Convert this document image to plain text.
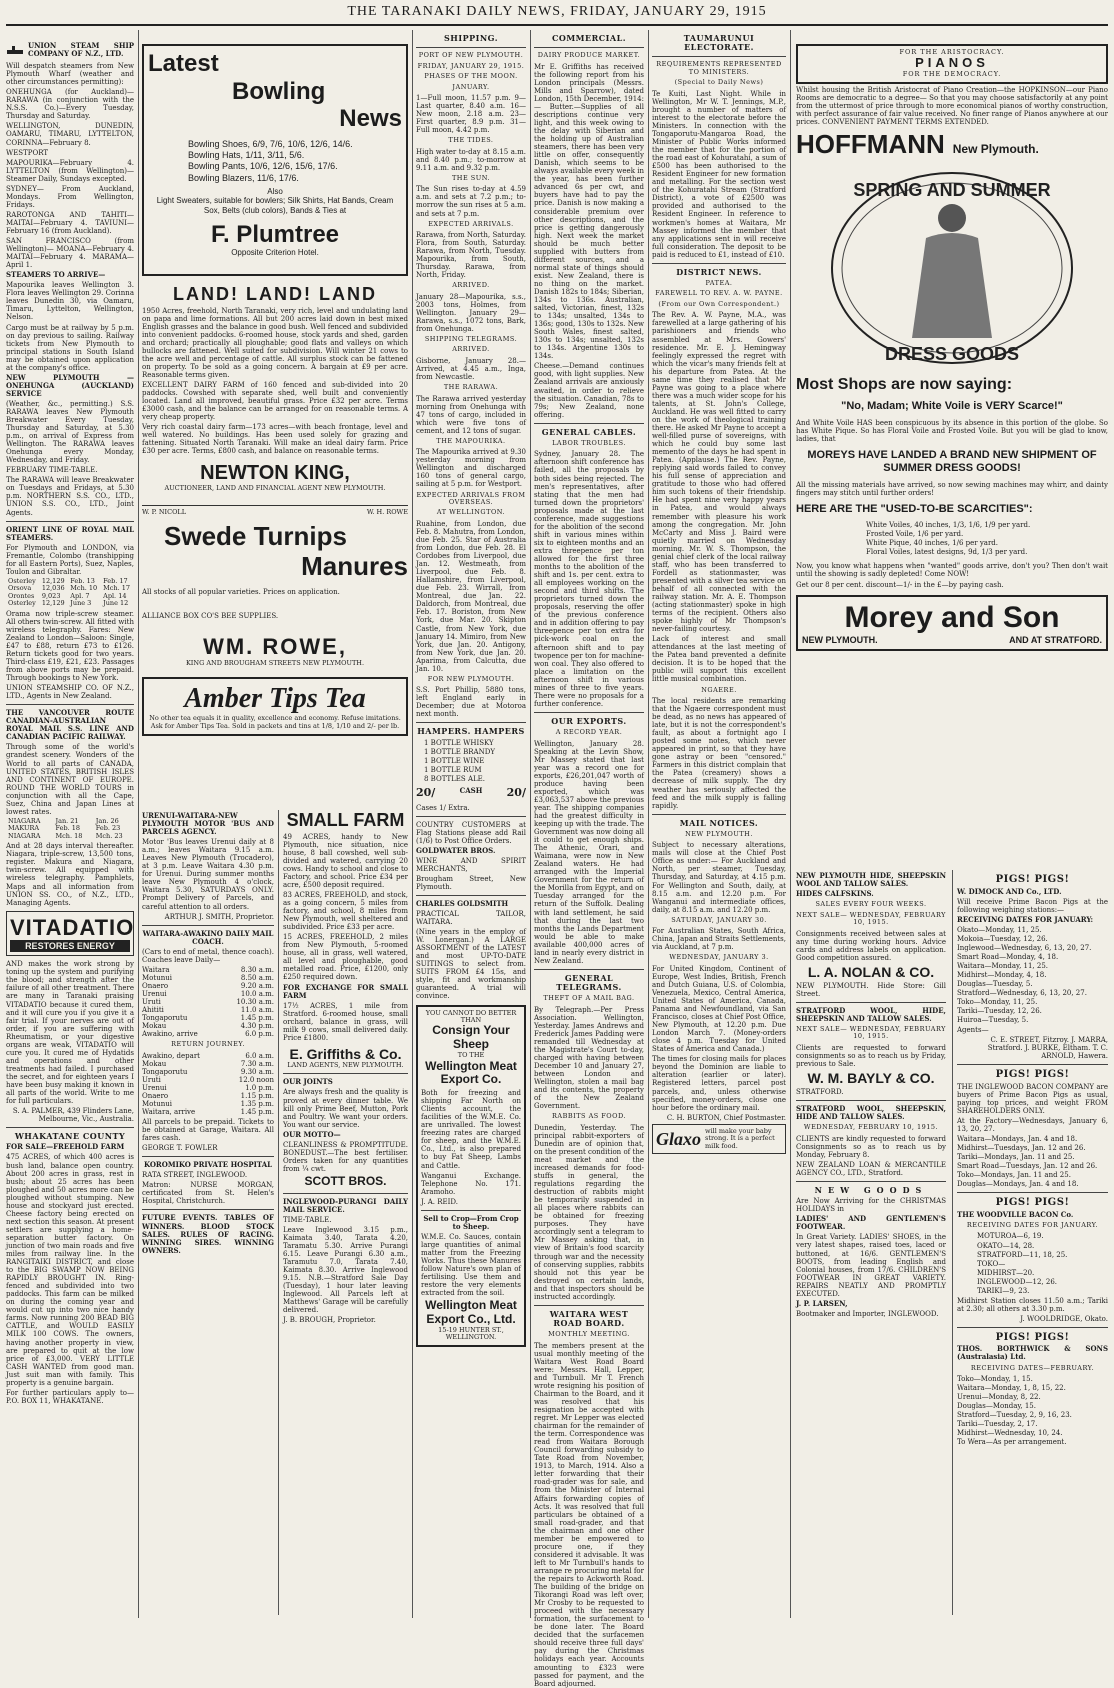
THE TARANAKI DAILY NEWS, FRIDAY, JANUARY 29, 1915
UNION STEAM SHIP COMPANY OF N.Z., LTD.
Will despatch steamers from New Plymouth Wharf (weather and other circumstances permitting):
ONEHUNGA (for Auckland)— RARAWA (in conjunction with the N.S.S. Co.)—Every Tuesday, Thursday and Saturday.
WELLINGTON, DUNEDIN, OAMARU, TIMARU, LYTTELTON, CORINNA—February 8.
WESTPORT
MAPOURIKA—February 4. LYTTELTON (from Wellington)—Steamer Daily, Sundays excepted.
SYDNEY— From Auckland, Mondays. From Wellington, Fridays.
RAROTONGA AND TAHITI— MAITAI—February 4. TAVIUNI—February 16 (from Auckland).
SAN FRANCISCO (from Wellington)— MOANA—February 4. MAITAI—February 4. MARAMA—April 1.
STEAMERS TO ARRIVE—
Mapourika leaves Wellington 3. Flora leaves Wellington 29. Corinna leaves Dunedin 30, via Oamaru, Timaru, Lyttelton, Wellington, Nelson.
Cargo must be at railway by 5 p.m. on day previous to sailing. Railway tickets from New Plymouth to principal stations in South Island may be obtained upon application at the company's office.
NEW PLYMOUTH — ONEHUNGA (AUCKLAND) SERVICE
(Weather, &c., permitting.) S.S. RARAWA leaves New Plymouth Breakwater Every Tuesday, Thursday and Saturday, at 5.30 p.m., on arrival of Express from Wellington. The RARAWA leaves Onehunga every Monday, Wednesday, and Friday.
FEBRUARY TIME-TABLE.
The RARAWA will leave Breakwater on Tuesdays and Fridays, at 5.30 p.m. NORTHERN S.S. CO., LTD., UNION S.S. CO., LTD., Joint Agents.
ORIENT LINE OF ROYAL MAIL STEAMERS.
For Plymouth and LONDON, via Fremantle, Colombo (transhipping for all Eastern Ports), Suez, Naples, Toulon and Gibraltar.
Osterley	12,129	Feb. 13	Feb. 17
Orsova	12,036	Mch. 10	Mch. 17
Orontes	9,023	Apl. 7	Apl. 14
Osterley	12,129	June 3	June 12
Orama now triple-screw steamer. All others twin-screw. All fitted with wireless telegraphy. Fares: New Zealand to London—Saloon: Single, £47 to £88, return £73 to £126. Return tickets good for two years. Third-class £19, £21, £23. Passages from above ports may be prepaid. Through bookings to New York.
UNION STEAMSHIP CO. OF N.Z., LTD., Agents in New Zealand.
THE VANCOUVER ROUTE CANADIAN-AUSTRALIAN ROYAL MAIL S.S. LINE AND CANADIAN PACIFIC RAILWAY.
Through some of the world's grandest scenery. Wonders of the World to all parts of CANADA, UNITED STATES, BRITISH ISLES AND CONTINENT OF EUROPE. ROUND THE WORLD TOURS in conjunction with all the Cape, Suez, China and Japan Lines at lowest rates.
NIAGARA	Jan. 21	Jan. 26
MAKURA	Feb. 18	Feb. 23
NIAGARA	Mch. 18	Mch. 23
And at 28 days interval thereafter. Niagara, triple-screw, 13,500 tons, register. Makura and Niagara, twin-screw. All equipped with wireless telegraphy. Pamphlets, Maps and all information from UNION SS. CO., of N.Z., LTD., Managing Agents.
VITADATIO
RESTORES ENERGY
AND makes the work strong by toning up the system and purifying the blood; and strength after the failure of all other treatment. There are many in Taranaki praising VITADATIO because it cured them, and it will cure you if you give it a fair trial. If your nerves are out of order, if you are suffering with Rheumatism, or your digestive organs are weak, VITADATIO will cure you. It cured me of Hydatids and operations and other treatments had failed. I purchased the secret, and for eighteen years I have been busy making it known in all parts of the world. Write to me for full particulars.
S. A. PALMER, 439 Flinders Lane, Melbourne, Vic., Australia.
WHAKATANE COUNTY
FOR SALE—FREEHOLD FARM
475 ACRES, of which 400 acres is bush land, balance open country. About 200 acres in grass, rest in bush; about 25 acres has been ploughed and 50 acres more can be ploughed without stumping. New house and stockyard just erected. Cheese factory being erected on next section this season. At present settlers are supplying a home-separation butter factory. On junction of two main roads and five miles from railway line. In the RANGITAIKI DISTRICT, and close to the BIG SWAMP NOW BEING RAPIDLY BROUGHT IN. Ring-fenced and subdivided into two paddocks. This farm can be milked on during the coming year and would cut up into two nice handy farms. Now running 200 BEAD BIG CATTLE, and WOULD EASILY MILK 100 COWS. The owners, having another property in view, are prepared to quit at the low price of £3,000. VERY LITTLE CASH WANTED from good man. Just suit man with family. This property is a genuine bargain.
For further particulars apply to— P.O. BOX 11, WHAKATANE.
Latest
Bowling
News
Bowling Shoes, 6/9, 7/6, 10/6, 12/6, 14/6.
Bowling Hats, 1/11, 3/11, 5/6.
Bowling Pants, 10/6, 12/6, 15/6, 17/6.
Bowling Blazers, 11/6, 17/6.
Also
Light Sweaters, suitable for bowlers; Silk Shirts, Hat Bands, Cream Sox, Belts (club colors), Bands & Ties at
F. Plumtree
Opposite Criterion Hotel.
LAND! LAND! LAND
1950 Acres, freehold, North Taranaki, very rich, level and undulating land on papa and lime formations. All but 200 acres laid down in best mixed English grasses and the balance in good bush. Well fenced and subdivided into convenient paddocks. 6-roomed house, stock yards and shed, garden and orchard; practically all ploughable; good flats and valleys on which bullocks are fattened. Well suited for subdivision. Will winter 21 cows to the acre well and percentage of cattle. All surplus stock can be fattened on property. To be sold as a going concern. A bargain at £9 per acre. Reasonable terms given.
EXCELLENT DAIRY FARM of 160 fenced and sub-divided into 20 paddocks. Cowshed with separate shed, well built and conveniently located. Land all improved, beautiful grass. Price £32 per acre. Terms £3000 cash, and the balance can be arranged for on reasonable terms. A very cheap property.
Very rich coastal dairy farm—173 acres—with beach frontage, level and well watered. No buildings. Has been used solely for grazing and fattening. Situated North Taranaki. Will make an ideal dairy farm. Price £30 per acre. Terms, £800 cash, and balance on reasonable terms.
NEWTON KING,
AUCTIONEER, LAND AND FINANCIAL AGENT NEW PLYMOUTH.
W. P. NICOLL	W. H. ROWE
Swede Turnips
Manures
All stocks of all popular varieties. Prices on application.
ALLIANCE BOX CO'S BEE SUPPLIES.
WM. ROWE,
KING AND BROUGHAM STREETS NEW PLYMOUTH.
Amber Tips Tea
No other tea equals it in quality, excellence and economy. Refuse imitations. Ask for Amber Tips Tea. Sold in packets and tins at 1/8, 1/10 and 2/- per lb.
URENUI-WAITARA-NEW PLYMOUTH MOTOR 'BUS AND PARCELS AGENCY.
Motor 'Bus leaves Urenui daily at 8 a.m.; leaves Waitara 9.15 a.m. Leaves New Plymouth (Trocadero), at 3 p.m. Leave Waitara 4.30 p.m. for Urenui. During summer months leave New Plymouth 4 o'clock, Waitara 5.30, SATURDAYS ONLY. Prompt Delivery of Parcels, and careful attention to all orders.
ARTHUR J. SMITH, Proprietor.
WAITARA-AWAKINO DAILY MAIL COACH.
(Cars to end of metal, thence coach). Coaches leave Daily—
Waitara	8.30 a.m.
Motunui	8.50 a.m.
Onaero	9.20 a.m.
Urenui	10.0 a.m.
Uruti	10.30 a.m.
Ahititi	11.0 a.m.
Tongaporutu	1.45 p.m.
Mokau	4.30 p.m.
Awakino, arrive	6.0 p.m.
RETURN JOURNEY.
Awakino, depart	6.0 a.m.
Mokau	7.30 a.m.
Tongaporutu	9.30 a.m.
Uruti	12.0 noon
Urenui	1.0 p.m.
Onaero	1.15 p.m.
Motunui	1.35 p.m.
Waitara, arrive	1.45 p.m.
All parcels to be prepaid. Tickets to be obtained at Garage, Waitara. All fares cash.
GEORGE T. FOWLER
KOROMIKO PRIVATE HOSPITAL
RATA STREET, INGLEWOOD.
Matron: NURSE MORGAN, certificated from St. Helen's Hospital, Christchurch.
FUTURE EVENTS. TABLES OF WINNERS. BLOOD STOCK SALES. RULES OF RACING. WINNING SIRES. WINNING OWNERS.
SMALL FARM
49 ACRES, handy to New Plymouth, nice situation, nice house, 8 ball cowshed, well sub-divided and watered, carrying 20 cows. Handy to school and close to Factory, and school. Price £34 per acre, £500 deposit required.
83 ACRES, FREEHOLD, and stock, as a going concern, 5 miles from factory, and school, 8 miles from New Plymouth, well sheltered and subdivided. Price £33 per acre.
15 ACRES, FREEHOLD, 2 miles from New Plymouth, 5-roomed house, all in grass, well watered, all level and ploughable, good metalled road. Price, £1200, only £250 required down.
FOR EXCHANGE FOR SMALL FARM
17½ ACRES, 1 mile from Stratford. 6-roomed house, small orchard, balance in grass, will milk 9 cows, small delivered daily. Price £1800.
E. Griffiths & Co.
LAND AGENTS, NEW PLYMOUTH.
OUR JOINTS
Are always fresh and the quality is proved at every dinner table. We kill only Prime Beef, Mutton, Pork and Poultry. We want your orders. You want our service.
OUR MOTTO—
CLEANLINESS & PROMPTITUDE. BONEDUST.—The best fertiliser. Orders taken for any quantities from ¼ cwt.
SCOTT BROS.
INGLEWOOD-PURANGI DAILY MAIL SERVICE.
TIME-TABLE.
Leave Inglewood 3.15 p.m., Kaimata 3.40, Tarata 4.20, Taramatu 5.30. Arrive Purangi 6.15. Leave Purangi 6.30 a.m., Taramutu 7.0, Tarata 7.40, Kaimata 8.30. Arrive Inglewood 9.15. N.B.—Stratford Sale Day (Tuesday), 1 hour later leaving Inglewood. All Parcels left at Matthews' Garage will be carefully delivered.
J. B. BROUGH, Proprietor.
SHIPPING.
PORT OF NEW PLYMOUTH.
FRIDAY, JANUARY 29, 1915.
PHASES OF THE MOON.
JANUARY.
1—Full moon, 11.57 p.m. 9—Last quarter, 8.40 a.m. 16—New moon, 2.18 a.m. 23—First quarter, 8.9 p.m. 31—Full moon, 4.42 p.m.
THE TIDES.
High water to-day at 8.15 a.m. and 8.40 p.m.; to-morrow at 9.11 a.m. and 9.32 p.m.
THE SUN.
The Sun rises to-day at 4.59 a.m. and sets at 7.2 p.m.; to-morrow the sun rises at 5 a.m. and sets at 7 p.m.
EXPECTED ARRIVALS.
Rarawa, from North, Saturday. Flora, from South, Saturday. Rarawa, from North, Tuesday. Mapourika, from South, Thursday. Rarawa, from North, Friday.
ARRIVED.
January 28—Mapourika, s.s., 2003 tons, Holmes, from Wellington. January 29—Rarawa, s.s., 1072 tons, Bark, from Onehunga.
SHIPPING TELEGRAMS.
ARRIVED.
Gisborne, January 28.—Arrived, at 4.45 a.m., Inga, from Newcastle.
THE RARAWA.
The Rarawa arrived yesterday morning from Onehunga with 47 tons of cargo, included in which were five tons of cement, and 12 tons of sugar.
THE MAPOURIKA.
The Mapourika arrived at 9.30 yesterday morning from Wellington and discharged 160 tons of general cargo, sailing at 5 p.m. for Westport.
EXPECTED ARRIVALS FROM OVERSEAS.
AT WELLINGTON.
Ruahine, from London, due Feb. 8. Mahutra, from London, due Feb. 25. Star of Australia from London, due Feb. 28. El Cordobes from Liverpool, due Jan. 12. Westmeath, from Liverpool, due Feb. 8. Hallamshire, from Liverpool, due Feb. 23. Wirrall, from Montreal, due Jan. 22. Daldorch, from Montreal, due Feb. 17. Boriston, from New York, due Mar. 20. Skipton Castle, from New York, due January 14. Mimiro, from New York, due Jan. 20. Antigony, from New York, due Jan. 20. Aparima, from Calcutta, due Jan. 10.
FOR NEW PLYMOUTH.
S.S. Port Phillip, 5880 tons, left England early in December; due at Motoroa next month.
HAMPERS. HAMPERS
1 BOTTLE WHISKY
1 BOTTLE BRANDY
1 BOTTLE WINE
1 BOTTLE RUM
8 BOTTLES ALE.
20/	CASH 20/
Cases 1/ Extra.
COUNTRY CUSTOMERS at Flag Stations please add Rail (1/6) to Post Office Orders.
GOLDWATER BROS.
WINE AND SPIRIT MERCHANTS,
Brougham Street, New Plymouth.
CHARLES GOLDSMITH
PRACTICAL TAILOR, WAITARA.
(Nine years in the employ of W. Lonergan.) A LARGE ASSORTMENT of the LATEST and most UP-TO-DATE SUITINGS to select from. SUITS FROM £4 15s, and style, fit and workmanship guaranteed. A trial will convince.
YOU CANNOT DO BETTER THAN
Consign Your Sheep
TO THE
Wellington Meat Export Co.
Both for freezing and shipping Far North on Clients account, the facilities of the W.M.E. Co. are unrivalled. The lowest freezing rates are charged for sheep, and the W.M.E. Co., Ltd., is also prepared to buy Fat Sheep, Lambs and Cattle.
Wanganui Exchange. Telephone No. 171. Aramoho.
J. A. REID.
Sell to Crop—From Crop to Sheep.
W.M.E. Co. Sauces, contain large quantities of animal matter from the Freezing Works. Thus these Manures follow Nature's own plan of fertilising. Use them and restore the very elements extracted from the soil.
Wellington Meat Export Co., Ltd.
15-19 HUNTER ST., WELLINGTON.
COMMERCIAL.
DAIRY PRODUCE MARKET.
Mr E. Griffiths has received the following report from his London principals (Messrs. Mills and Sparrow), dated London, 15th December, 1914:— Butter.—Supplies of all descriptions continue very light, and this week owing to the delay with Siberian and the holding up of Australian steamers, there has been very little on offer, consequently Danish, which seems to be always available every week in the year, has been further advanced 6s per cwt, and buyers have had to pay the price. Danish is now making a considerable premium over other descriptions, and the price is getting dangerously high. Next week the market should be much better supplied with butters from different sources, and a normal state of things should exist. New Zealand, there is no thing on the market. Danish 182s to 184s; Siberian, 134s to 136s. Australian, salted, Victorian, finest, 132s to 134s; unsalted, 134s to 136s; good, 130s to 132s. New South Wales, finest salted, 130s to 134s; unsalted, 132s to 134s. Argentine 130s to 134s.
Cheese.—Demand continues good, with light supplies. New Zealand arrivals are anxiously awaited, in order to relieve the situation. Canadian, 78s to 79s; New Zealand, none offering.
GENERAL CABLES.
LABOR TROUBLES.
Sydney, January 28. The afternoon shift conference has failed, all the proposals by both sides being rejected. The men's representatives, after stating that the men had turned down the proprietors' proposals made at the last conference, made suggestions for the abolition of the second shift in various mines within six to eighteen months and an extra threepence per ton allowed for the first three months to the abolition of the shift and 1s. per cent. extra to all employees working on the second and third shifts. The proprietors turned down the proposals, reserving the offer of the previous conference and in addition offering to pay threepence per ton extra for pick-work coal on the afternoon shift and to pay twopence per ton for machine-won coal. They also offered to place a limitation on the afternoon shift in various mines of three to five years. There were no proposals for a further conference.
OUR EXPORTS.
A RECORD YEAR.
Wellington, January 28. Speaking at the Levin Show, Mr Massey stated that last year was a record one for exports, £26,201,047 worth of produce having been exported, which was £3,063,537 above the previous year. The shipping companies had the greatest difficulty in keeping up with the trade. The Government was now doing all it could to get enough ships. The Athenic, Orari, and Waimana, were now in New Zealand waters. He had arranged with the Imperial Government for the return of the Morilla from Egypt, and on Tuesday arranged for the return of the Suffolk. Dealing with land settlement, he said that during the last two months the Lands Department would be able to make available 400,000 acres of land in nearly every district in New Zealand.
GENERAL TELEGRAMS.
THEFT OF A MAIL BAG.
By Telegraph.—Per Press Association. Wellington, Yesterday. James Andrews and Frederick James Padding were remanded till Wednesday at the Magistrate's Court to-day, charged with having between December 10 and January 27, between London and Wellington, stolen a mail bag and its contents, the property of the New Zealand Government.
RABBITS AS FOOD.
Dunedin, Yesterday. The principal rabbit-exporters of Dunedin are of opinion that, on the present condition of the meat market and the increased demands for food-stuffs in general, the regulations regarding the destruction of rabbits might be temporarily suspended in all places where rabbits can be obtained for freezing purposes. They have accordingly sent a telegram to Mr Massey asking that, in view of Britain's food scarcity through war and the necessity of conserving supplies, rabbits should not this year be destroyed on certain lands, and that inspectors should be instructed accordingly.
WAITARA WEST ROAD BOARD.
MONTHLY MEETING.
The members present at the usual monthly meeting of the Waitara West Road Board were: Messrs. Hall, Lepper, and Turnbull. Mr T. French wrote resigning his position of Chairman to the Board, and it was resolved that his resignation be accepted with regret. Mr Lepper was elected chairman for the remainder of the term. Correspondence was read from Waitara Borough Council forwarding subsidy to Tate Road from November, 1913, to March, 1914. Also a letter forwarding that their road-grader was for sale, and from the Minister of Internal Affairs forwarding copies of Acts. It was resolved that full particulars be obtained of a small road-grader, and that the chairman and one other member be empowered to procure one, if they considered it advisable. It was left to Mr Turnbull's hands to arrange re procuring metal for the repairs to Ackworth Road. The building of the bridge on Tikorangi Road was left over, Mr Crosby to be requested to proceed with the necessary formation, the surfacement to be done later. The Board decided that the surfacemen should receive three full days' pay during the Christmas holidays each year. Accounts amounting to £323 were passed for payment, and the Board adjourned.
TAUMARUNUI ELECTORATE.
REQUIREMENTS REPRESENTED TO MINISTERS.
(Special to Daily News)
Te Kuiti, Last Night. While in Wellington, Mr W. T. Jennings, M.P., brought a number of matters of interest to the electorate before the Ministers. In connection with the Tongaporutu-Mangaroa Road, the Minister of Public Works informed the member that for the portion of the road east of Kohuratahi, a sum of £500 has been authorised to the Resident Engineer for new formation and metalling. For the section west of the Kohuratahi Stream (Stratford District), a vote of £2500 was provided and authorised to the Resident Engineer. In reference to workmen's homes at Waitara, Mr Massey informed the member that any applications sent in will receive full consideration. The deposit to be paid is reduced to £1, instead of £10.
DISTRICT NEWS.
PATEA.
FAREWELL TO REV. A. W. PAYNE.
(From our Own Correspondent.)
The Rev. A. W. Payne, M.A., was farewelled at a large gathering of his parishioners and friends who assembled at Mrs. Gowers' residence. Mr. E. J. Hemingway feelingly expressed the regret with which the vicar's many friends felt at his departure from Patea. At the same time they realised that Mr Payne was going to a place where there was a much wider scope for his talents, at St. John's College, Auckland. He was well fitted to carry on the work of theological training there. He asked Mr Payne to accept a well-filled purse of sovereigns, with which he could buy some last memento of the days he had spent in Patea. (Applause.) The Rev. Payne, replying said words failed to convey his full sense of appreciation and gratitude to those who had offered him such tokens of their friendship. He had spent nine very happy years in Patea, and would always remember with pleasure his work among the congregation. Mr. John McCarty and Miss J. Baird were quietly married on Wednesday morning. Mr. W. S. Thompson, the genial chief clerk of the local railway staff, who has been transferred to Fordell as stationmaster, was presented with a silver tea service on behalf of all connected with the railway station. Mr. A. E. Thompson (acting stationmaster) spoke in high terms of the recipient. Others also spoke highly of Mr Thompson's never-failing courtesy.
Lack of interest and small attendances at the last meeting of the Patea band prevented a definite decision. It is to be hoped that the public will support this excellent little musical combination.
NGAERE.
The local residents are remarking that the Ngaere correspondent must be dead, as no news has appeared of late, but it is not the correspondent's fault, as about a fortnight ago I posted some notes, which never appeared in print, so that they have gone astray or been "censored." Farmers in this district complain that the Patea (creamery) shows a decrease of milk supply. The dry weather has seriously affected the feed and the milk supply is falling rapidly.
MAIL NOTICES.
NEW PLYMOUTH.
Subject to necessary alterations, mails will close at the Chief Post Office as under:— For Auckland and North, per steamer, Tuesday, Thursday, and Saturday, at 4.15 p.m. For Wellington and South, daily, at 8.15 a.m. and 12.20 p.m. For Wanganui and intermediate offices, daily, at 8.15 a.m. and 12.20 p.m.
SATURDAY, JANUARY 30.
For Australian States, South Africa, China, Japan and Straits Settlements, via Auckland, at 7 p.m.
WEDNESDAY, JANUARY 3.
For United Kingdom, Continent of Europe, West Indies, British, French and Dutch Guiana, U.S. of Colombia, Venezuela, Mexico, Central America, United States of America, Canada, Panama and Newfoundland, via San Francisco, closes at Chief Post Office, New Plymouth, at 12.20 p.m. Due London March 7. (Money-orders close 4 p.m. Tuesday for United States of America and Canada.)
The times for closing mails for places beyond the Dominion are liable to alteration (earlier or later). Registered letters, parcel post parcels, and, unless otherwise specified, money-orders, close one hour before the ordinary mail.
C. H. BURTON, Chief Postmaster.
Glaxo will make your baby strong. It is a perfect milk food.
FOR THE ARISTOCRACY.
PIANOS
FOR THE DEMOCRACY.
Whilst housing the British Aristocrat of Piano Creation—the HOPKINSON—our Piano Rooms are democratic to a degree— So that you may choose satisfactorily at any point from the uttermost of price through to more economical pianos of worthy construction, with perfect assurance of fair value received. No finer range of Pianos anywhere at our prices. CONVENIENT PAYMENT TERMS EXTENDED.
HOFFMANN New Plymouth.
SPRING AND SUMMER
DRESS GOODS
Most Shops are now saying:
"No, Madam; White Voile is VERY Scarce!"
And White Voile HAS been conspicuous by its absence in this portion of the globe. So has White Pique. So has Floral Voile and Frosted Voile. But you will be glad to know, ladies, that
MOREYS HAVE LANDED A BRAND NEW SHIPMENT OF SUMMER DRESS GOODS!
All the missing materials have arrived, so now sewing machines may whirr, and dainty fingers may stitch until further orders!
HERE ARE THE "USED-TO-BE SCARCITIES":
White Voiles, 40 inches, 1/3, 1/6, 1/9 per yard.
Frosted Voile, 1/6 per yard.
White Pique, 40 inches, 1/6 per yard.
Floral Voiles, latest designs, 9d, 1/3 per yard.
Now, you know what happens when "wanted" goods arrive, don't you? Then don't wait until the showing is sadly depleted! Come NOW!
Get our 8 per cent. discount—1/- in the £—by paying cash.
Morey and Son
NEW PLYMOUTH.	AND AT STRATFORD.
NEW PLYMOUTH HIDE, SHEEPSKIN WOOL AND TALLOW SALES.
HIDES CALFSKINS.
SALES EVERY FOUR WEEKS.
NEXT SALE— WEDNESDAY, FEBRUARY 10, 1915.
Consignments received between sales at any time during working hours. Advice cards and address labels on application. Good competition assured.
L. A. NOLAN & CO.
NEW PLYMOUTH. Hide Store: Gill Street.
STRATFORD WOOL, HIDE, SHEEPSKIN AND TALLOW SALES.
NEXT SALE— WEDNESDAY, FEBRUARY 10, 1915.
Clients are requested to forward consignments so as to reach us by Friday, previous to Sale.
W. M. BAYLY & CO.
STRATFORD.
STRATFORD WOOL, SHEEPSKIN, HIDE AND TALLOW SALES.
WEDNESDAY, FEBRUARY 10, 1915.
CLIENTS are kindly requested to forward Consignments so as to reach us by Monday, February 8.
NEW ZEALAND LOAN & MERCANTILE AGENCY CO., LTD., Stratford.
NEW GOODS
Are Now Arriving for the CHRISTMAS HOLIDAYS in
LADIES' AND GENTLEMEN'S FOOTWEAR.
In Great Variety. LADIES' SHOES, in the very latest shapes, raised toes, laced or buttoned, at 16/6. GENTLEMEN'S BOOTS, from leading English and Colonial houses, from 17/6. CHILDREN'S FOOTWEAR IN GREAT VARIETY. REPAIRS NEATLY AND PROMPTLY EXECUTED.
J. P. LARSEN,
Bootmaker and Importer, INGLEWOOD.
PIGS! PIGS!
W. DIMOCK AND Co., LTD.
Will receive Prime Bacon Pigs at the following weighing stations:—
RECEIVING DATES FOR JANUARY:
Okato—Monday, 11, 25.
Mokoia—Tuesday, 12, 26.
Inglewood—Wednesday, 6, 13, 20, 27.
Smart Road—Monday, 4, 18.
Waitara—Monday, 11, 25.
Midhirst—Monday, 4, 18.
Douglas—Tuesday, 5.
Stratford—Wednesday, 6, 13, 20, 27.
Toko—Monday, 11, 25.
Tariki—Tuesday, 12, 26.
Huiroa—Tuesday, 5.
Agents—
C. E. STREET, Fitzroy. J. MARRA, Stratford. J. BURKE, Eltham. T. C. ARNOLD, Hawera.
PIGS! PIGS!
THE INGLEWOOD BACON COMPANY are buyers of Prime Bacon Pigs as usual, paying top prices, and weight FROM SHAREHOLDERS ONLY.
At the Factory—Wednesdays, January 6, 13, 20, 27.
Waitara—Mondays, Jan. 4 and 18.
Midhirst—Tuesdays, Jan. 12 and 26.
Tariki—Mondays, Jan. 11 and 25.
Smart Road—Tuesdays, Jan. 12 and 26.
Toko—Mondays, Jan. 11 and 25.
Douglas—Mondays, Jan. 4 and 18.
PIGS! PIGS!
THE WOODVILLE BACON Co.
RECEIVING DATES FOR JANUARY.
MOTUROA—6, 19.
OKATO—14, 28.
STRATFORD—11, 18, 25.
TOKO—
MIDHIRST—20.
INGLEWOOD—12, 26.
TARIKI—9, 23.
Midhirst Station closes 11.50 a.m.; Tariki at 2.30; all others at 3.30 p.m.
J. WOOLDRIDGE, Okato.
PIGS! PIGS!
THOS. BORTHWICK & SONS (Australasia) Ltd.
RECEIVING DATES—FEBRUARY.
Toko—Monday, 1, 15.
Waitara—Monday, 1, 8, 15, 22.
Urenui—Monday, 8, 22.
Douglas—Monday, 15.
Stratford—Tuesday, 2, 9, 16, 23.
Tariki—Tuesday, 2, 17.
Midhirst—Wednesday, 10, 24.
To Wera—As per arrangement.
